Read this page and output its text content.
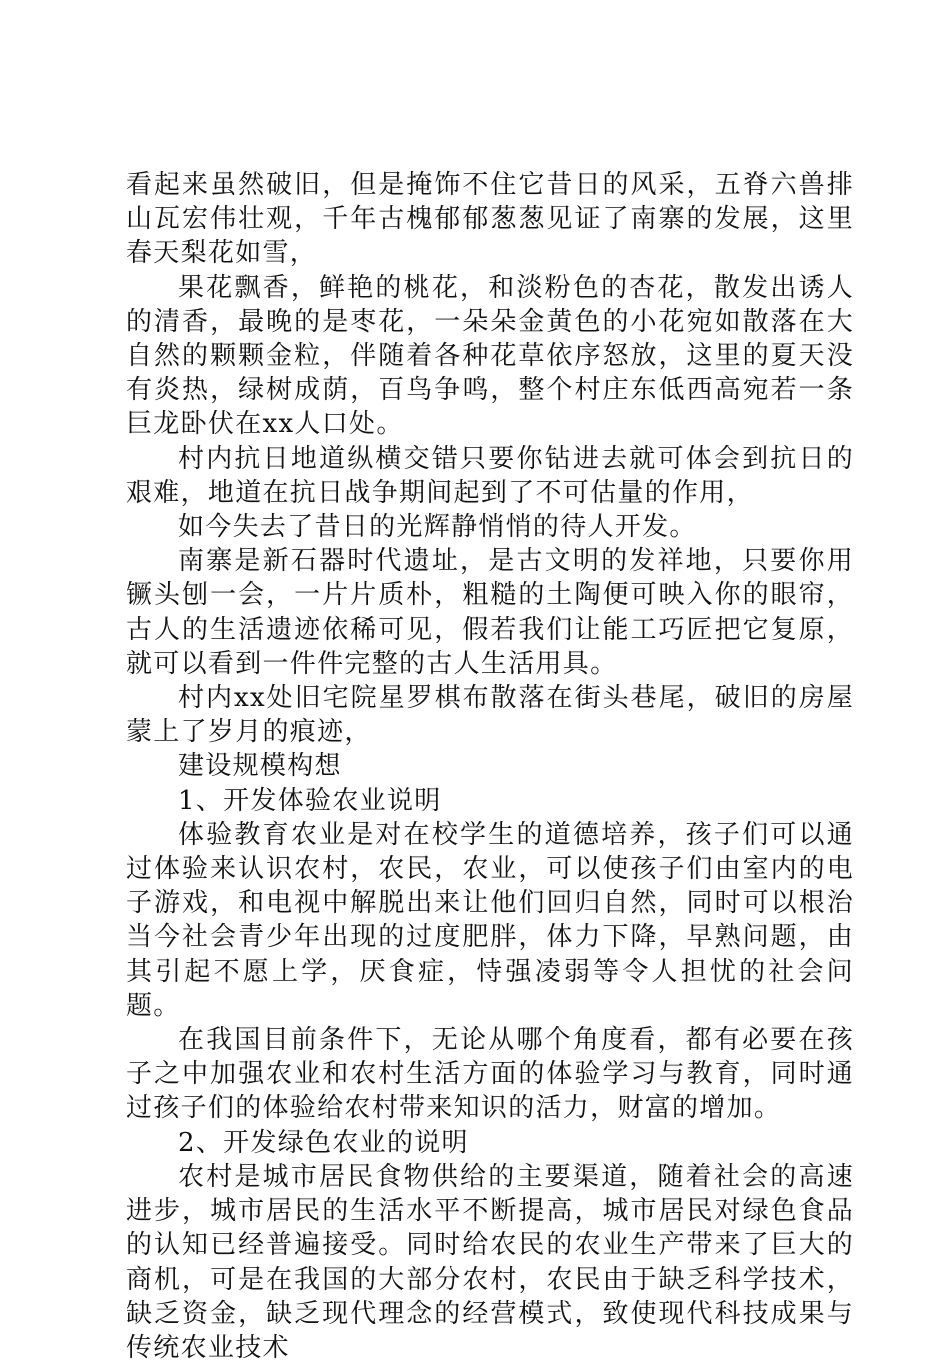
看起来虽然破旧，但是掩饰不住它昔日的风采，五脊六兽排山瓦宏伟壮观，千年古槐郁郁葱葱见证了南寨的发展，这里春天梨花如雪，

果花飘香，鲜艳的桃花，和淡粉色的杏花，散发出诱人的清香，最晚的是枣花，一朵朵金黄色的小花宛如散落在大自然的颗颗金粒，伴随着各种花草依序怒放，这里的夏天没有炎热，绿树成荫，百鸟争鸣，整个村庄东低西高宛若一条巨龙卧伏在xx人口处。

村内抗日地道纵横交错只要你钻进去就可体会到抗日的艰难，地道在抗日战争期间起到了不可估量的作用，

如今失去了昔日的光辉静悄悄的待人开发。

南寨是新石器时代遗址，是古文明的发祥地，只要你用镢头刨一会，一片片质朴，粗糙的土陶便可映入你的眼帘，古人的生活遗迹依稀可见，假若我们让能工巧匠把它复原，就可以看到一件件完整的古人生活用具。

村内xx处旧宅院星罗棋布散落在街头巷尾，破旧的房屋蒙上了岁月的痕迹，

建设规模构想

1、开发体验农业说明

体验教育农业是对在校学生的道德培养，孩子们可以通过体验来认识农村，农民，农业，可以使孩子们由室内的电子游戏，和电视中解脱出来让他们回归自然，同时可以根治当今社会青少年出现的过度肥胖，体力下降，早熟问题，由其引起不愿上学，厌食症，恃强凌弱等令人担忧的社会问题。

在我国目前条件下，无论从哪个角度看，都有必要在孩子之中加强农业和农村生活方面的体验学习与教育，同时通过孩子们的体验给农村带来知识的活力，财富的增加。

2、开发绿色农业的说明

农村是城市居民食物供给的主要渠道，随着社会的高速进步，城市居民的生活水平不断提高，城市居民对绿色食品的认知已经普遍接受。同时给农民的农业生产带来了巨大的商机，可是在我国的大部分农村，农民由于缺乏科学技术，缺乏资金，缺乏现代理念的经营模式，致使现代科技成果与传统农业技术
